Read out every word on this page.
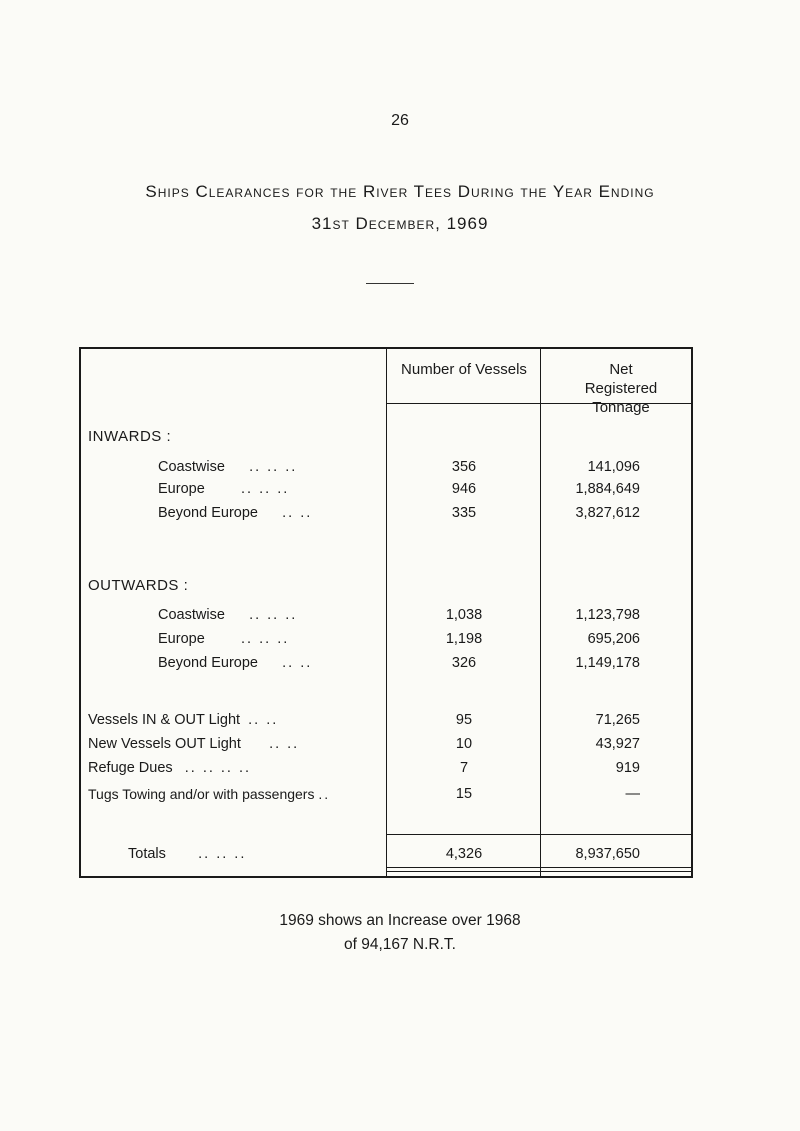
26
Ships Clearances for the River Tees During the Year Ending
31st December, 1969
Number of Vessels	Net Registered Tonnage
INWARDS :
Coastwise .. .. ..	356	141,096
Europe	.. .. ..	946	1,884,649
Beyond Europe .. ..	335	3,827,612
OUTWARDS :
Coastwise .. .. ..	1,038	1,123,798
Europe	.. .. ..	1,198	695,206
Beyond Europe .. ..	326	1,149,178
Vessels IN & OUT Light .. ..	95	71,265
New Vessels OUT Light .. ..	10	43,927
Refuge Dues .. .. .. ..	7	919
Tugs Towing and/or with passengers ..	15	—
Totals .. .. ..	4,326	8,937,650
1969 shows an Increase over 1968
of 94,167 N.R.T.
